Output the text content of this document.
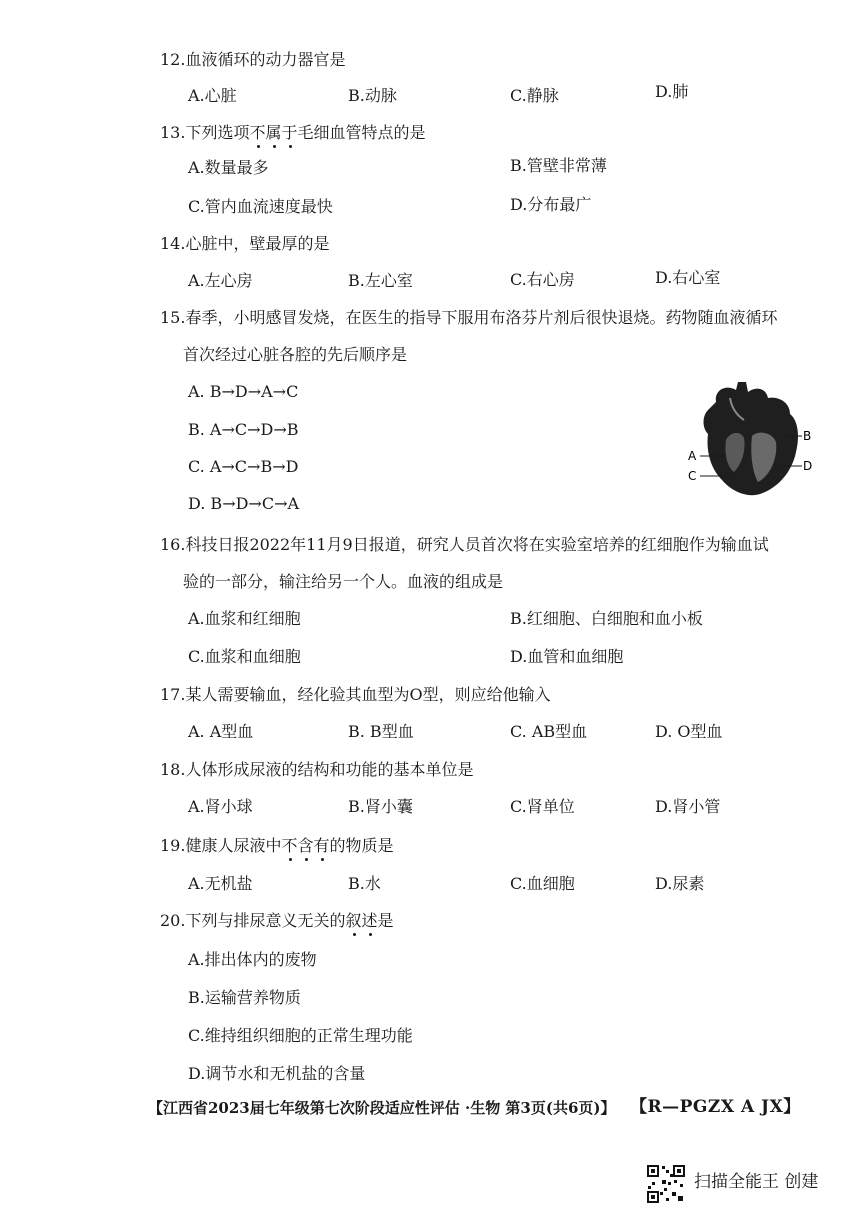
12.血液循环的动力器官是
A.心脏	B.动脉	C.静脉	D.肺
13.下列选项不属于毛细血管特点的是
A.数量最多	B.管壁非常薄
C.管内血流速度最快	D.分布最广
14.心脏中，壁最厚的是
A.左心房	B.左心室	C.右心房	D.右心室
15.春季，小明感冒发烧，在医生的指导下服用布洛芬片剂后很快退烧。药物随血液循环
首次经过心脏各腔的先后顺序是
A. B→D→A→C
B. A→C→D→B
C. A→C→B→D
D. B→D→C→A
B
D
A
C
16.科技日报2022年11月9日报道，研究人员首次将在实验室培养的红细胞作为输血试
验的一部分，输注给另一个人。血液的组成是
A.血浆和红细胞	B.红细胞、白细胞和血小板
C.血浆和血细胞	D.血管和血细胞
17.某人需要输血，经化验其血型为O型，则应给他输入
A. A型血	B. B型血	C. AB型血	D. O型血
18.人体形成尿液的结构和功能的基本单位是
A.肾小球	B.肾小囊	C.肾单位	D.肾小管
19.健康人尿液中不含有的物质是
A.无机盐	B.水	C.血细胞	D.尿素
20.下列与排尿意义无关的叙述是
A.排出体内的废物
B.运输营养物质
C.维持组织细胞的正常生理功能
D.调节水和无机盐的含量
【江西省2023届七年级第七次阶段适应性评估 ·生物 第3页(共6页)】 【R—PGZX A JX】
扫描全能王 创建
